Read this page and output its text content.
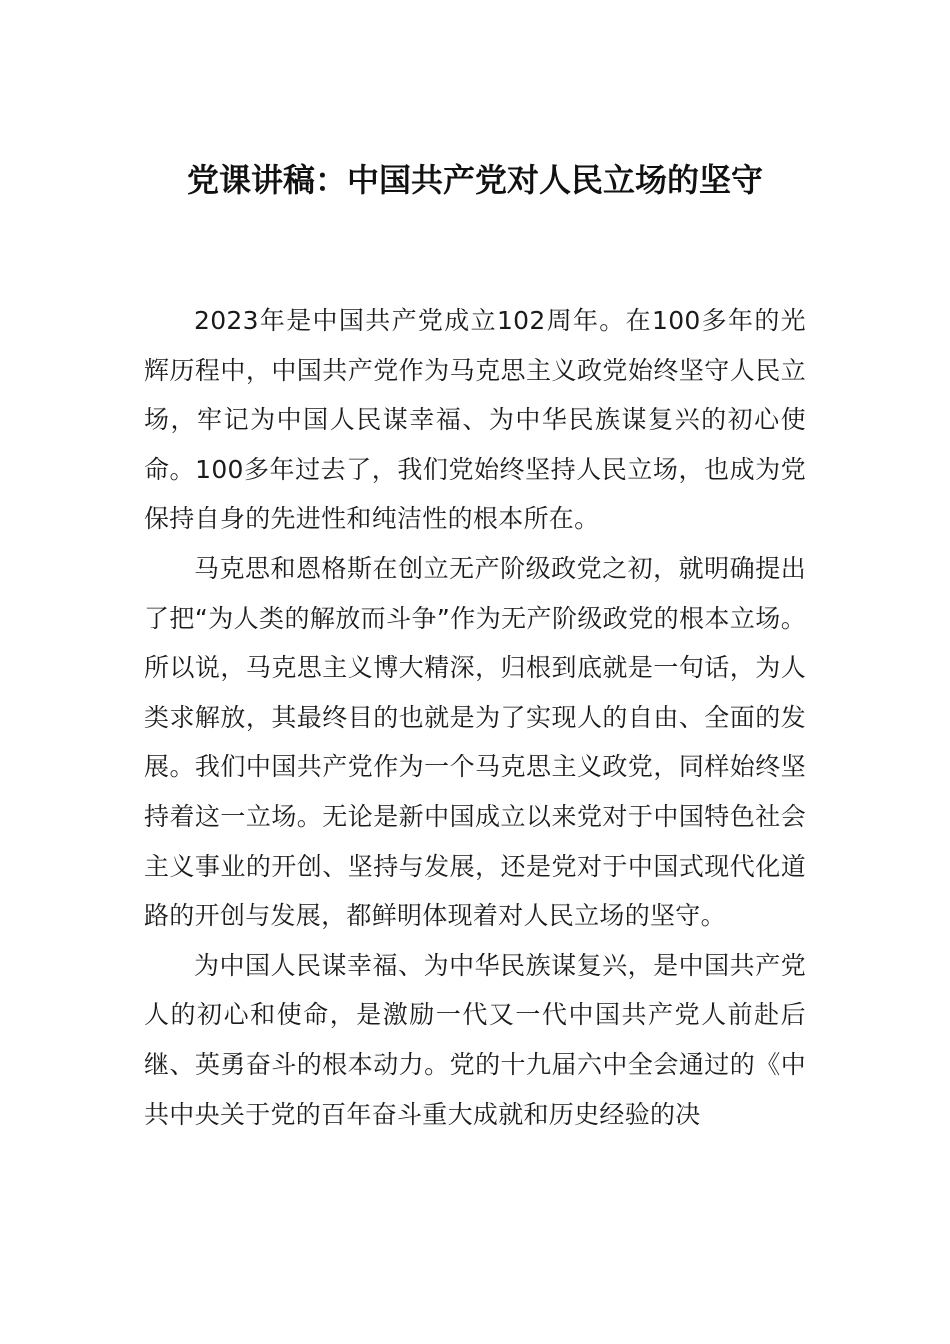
党课讲稿：中国共产党对人民立场的坚守

2023年是中国共产党成立102周年。在100多年的光辉历程中，中国共产党作为马克思主义政党始终坚守人民立场，牢记为中国人民谋幸福、为中华民族谋复兴的初心使命。100多年过去了，我们党始终坚持人民立场，也成为党保持自身的先进性和纯洁性的根本所在。

马克思和恩格斯在创立无产阶级政党之初，就明确提出了把“为人类的解放而斗争”作为无产阶级政党的根本立场。所以说，马克思主义博大精深，归根到底就是一句话，为人类求解放，其最终目的也就是为了实现人的自由、全面的发展。我们中国共产党作为一个马克思主义政党，同样始终坚持着这一立场。无论是新中国成立以来党对于中国特色社会主义事业的开创、坚持与发展，还是党对于中国式现代化道路的开创与发展，都鲜明体现着对人民立场的坚守。

为中国人民谋幸福、为中华民族谋复兴，是中国共产党人的初心和使命，是激励一代又一代中国共产党人前赴后继、英勇奋斗的根本动力。党的十九届六中全会通过的《中共中央关于党的百年奋斗重大成就和历史经验的决
